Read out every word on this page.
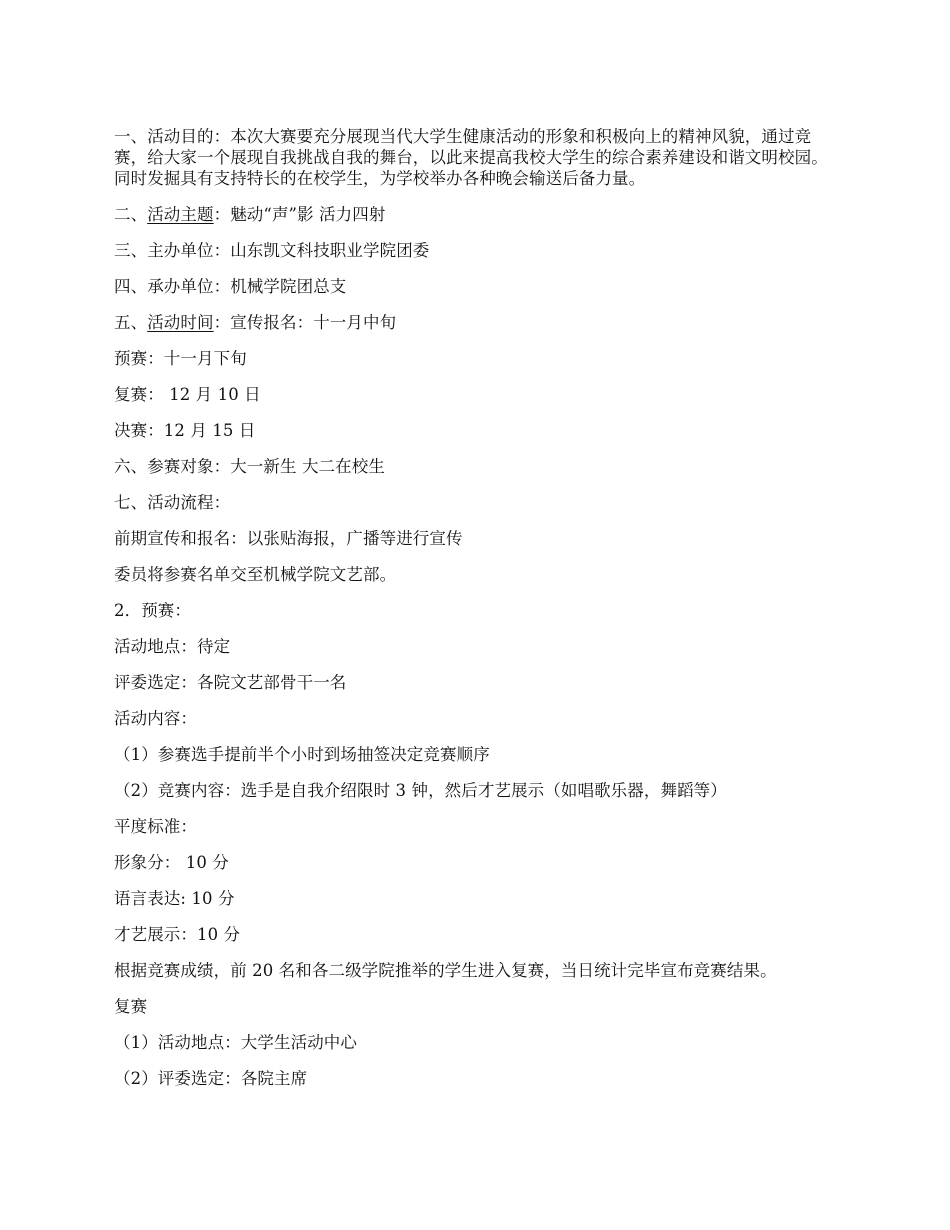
一、活动目的：本次大赛要充分展现当代大学生健康活动的形象和积极向上的精神风貌，通过竞赛，给大家一个展现自我挑战自我的舞台，以此来提高我校大学生的综合素养建设和谐文明校园。同时发掘具有支持特长的在校学生，为学校举办各种晚会输送后备力量。

二、活动主题：魅动“声”影 活力四射

三、主办单位：山东凯文科技职业学院团委

四、承办单位：机械学院团总支

五、活动时间：宣传报名：十一月中旬

预赛：十一月下旬

复赛： 12 月 10 日

决赛：12 月 15 日

六、参赛对象：大一新生 大二在校生

七、活动流程：

前期宣传和报名：以张贴海报，广播等进行宣传

委员将参赛名单交至机械学院文艺部。

2．预赛：

活动地点：待定

评委选定：各院文艺部骨干一名

活动内容：

（1）参赛选手提前半个小时到场抽签决定竞赛顺序

（2）竞赛内容：选手是自我介绍限时 3 钟，然后才艺展示（如唱歌乐器，舞蹈等）

平度标准：

形象分： 10 分

语言表达: 10 分

才艺展示：10 分

根据竞赛成绩，前 20 名和各二级学院推举的学生进入复赛，当日统计完毕宣布竞赛结果。

复赛

（1）活动地点：大学生活动中心

（2）评委选定：各院主席
